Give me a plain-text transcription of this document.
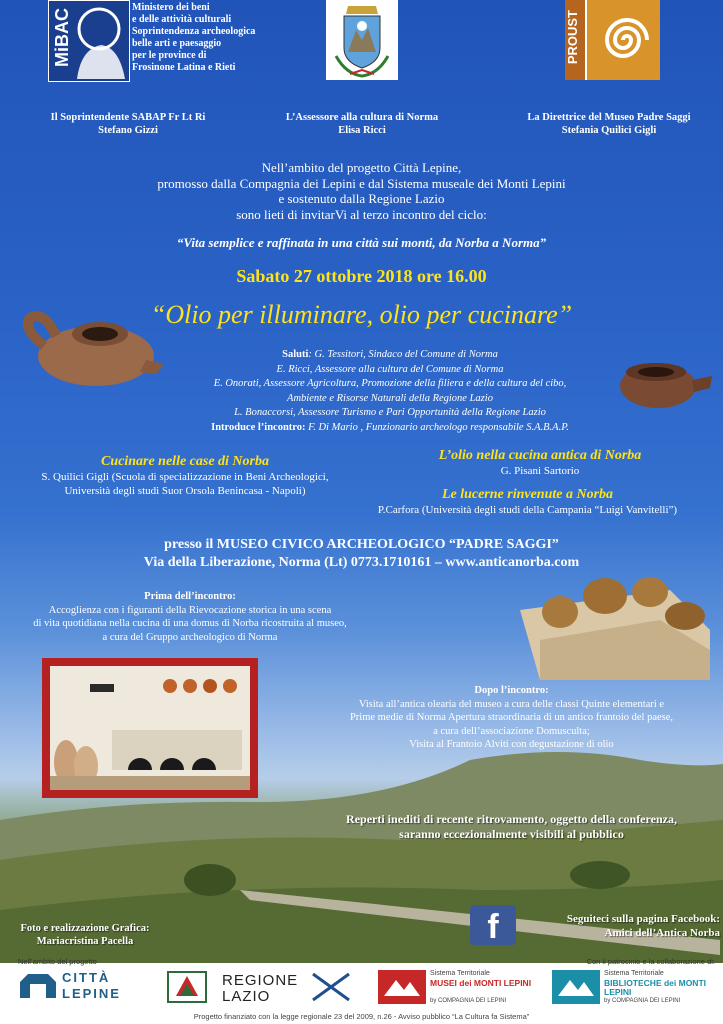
MiBAC
Ministero dei beni
e delle attività culturali
Soprintendenza archeologica
belle arti e paesaggio
per le province di
Frosinone Latina e Rieti
PROUST
Il Soprintendente SABAP Fr Lt Ri
Stefano Gizzi
L’Assessore alla cultura di Norma
Elisa Ricci
La Direttrice del Museo Padre Saggi
Stefania Quilici Gigli
Nell’ambito del progetto Città Lepine,
promosso dalla Compagnia dei Lepini e dal Sistema museale dei Monti Lepini
e sostenuto dalla Regione Lazio
sono lieti di invitarVi al terzo incontro del ciclo:
“Vita semplice e raffinata in una città sui monti, da Norba a Norma”
Sabato 27 ottobre 2018 ore 16.00
“Olio per illuminare, olio per cucinare”
Saluti: G. Tessitori, Sindaco del Comune di Norma
E. Ricci, Assessore alla cultura del Comune di Norma
E. Onorati, Assessore Agricoltura, Promozione della filiera e della cultura del cibo,
Ambiente e Risorse Naturali della Regione Lazio
L. Bonaccorsi, Assessore Turismo e Pari Opportunità della Regione Lazio
Introduce l’incontro: F. Di Mario , Funzionario archeologo responsabile S.A.B.A.P.
Cucinare nelle case di Norba
S. Quilici Gigli (Scuola di specializzazione in Beni Archeologici,
Università degli studi Suor Orsola Benincasa - Napoli)
L’olio nella cucina antica di Norba
G. Pisani Sartorio
Le lucerne rinvenute a Norba
P.Carfora (Università degli studi della Campania “Luigi Vanvitelli”)
presso il MUSEO CIVICO ARCHEOLOGICO “PADRE SAGGI”
Via della Liberazione, Norma (Lt) 0773.1710161 – www.anticanorba.com
Prima dell’incontro:
Accoglienza con i figuranti della Rievocazione storica in una scena
di vita quotidiana nella cucina di una domus di Norba ricostruita al museo,
a cura del Gruppo archeologico di Norma
Dopo l’incontro:
Visita all’antica olearia del museo a cura delle classi Quinte elementari e
Prime medie di Norma Apertura straordinaria di un antico frantoio del paese,
a cura dell’associazione Domusculta;
Visita al Frantoio Alviti con degustazione di olio
Reperti inediti di recente ritrovamento, oggetto della conferenza,
saranno eccezionalmente visibili al pubblico
Foto e realizzazione Grafica:
Mariacristina Pacella	f	Seguiteci sulla pagina Facebook:
Amici dell’Antica Norba
Nell’ambito del progetto	Con il patrocinio e la collaborazione di:
CITTÀ
LEPINE
REGIONE
LAZIO
Sistema Territoriale
MUSEI dei MONTI LEPINI
by COMPAGNIA DEI LEPINI
Sistema Territoriale
BIBLIOTECHE dei MONTI LEPINI
by COMPAGNIA DEI LEPINI
Progetto finanziato con la legge regionale 23 del 2009, n.26 - Avviso pubblico “La Cultura fa Sistema”
